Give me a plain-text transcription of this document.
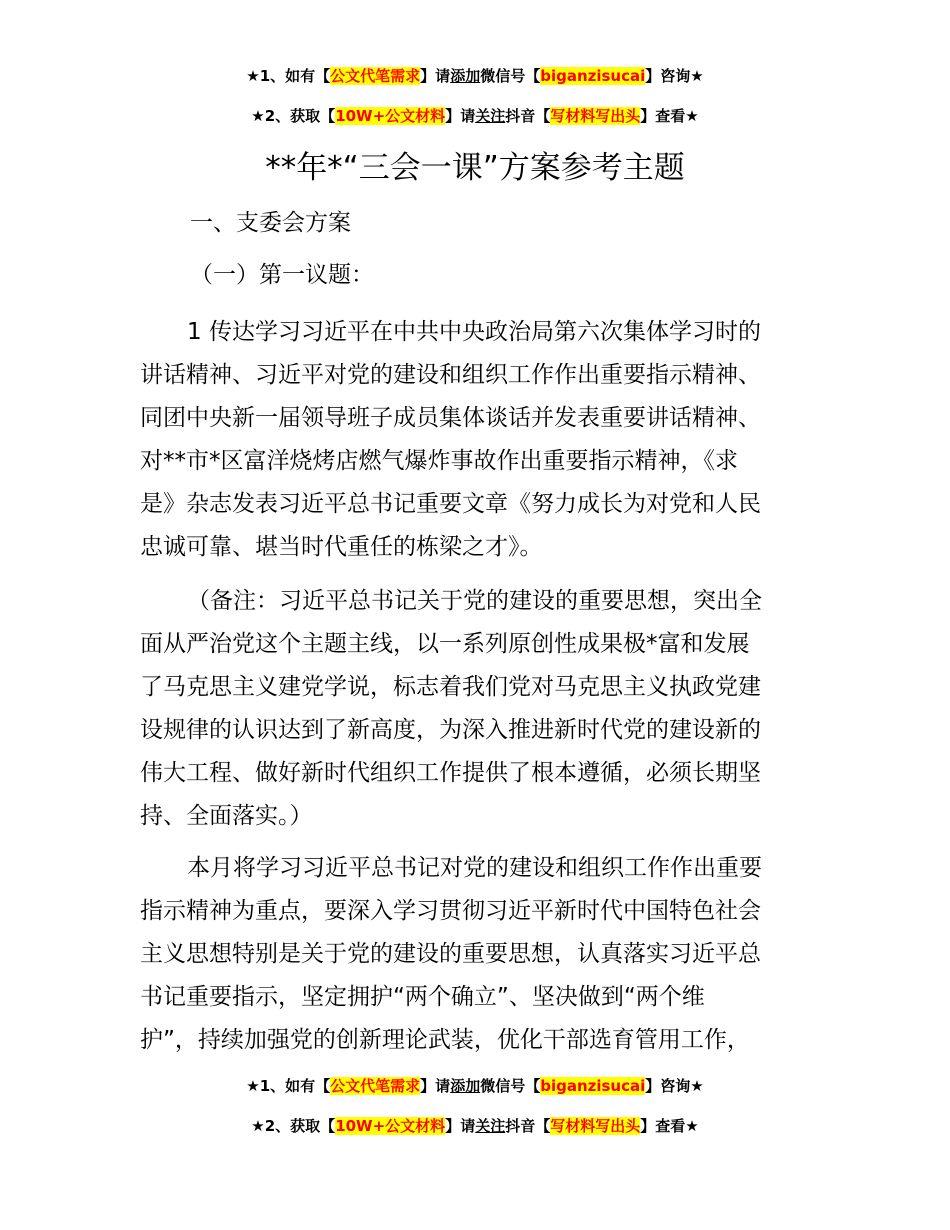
★1、如有【公文代笔需求】请添加微信号【biganzisucai】咨询★
★2、获取【10W+公文材料】请关注抖音【写材料写出头】查看★
**年*“三会一课”方案参考主题
一、支委会方案
（一）第一议题：
1 传达学习习近平在中共中央政治局第六次集体学习时的
讲话精神、习近平对党的建设和组织工作作出重要指示精神、
同团中央新一届领导班子成员集体谈话并发表重要讲话精神、
对**市*区富洋烧烤店燃气爆炸事故作出重要指示精神，《求
是》杂志发表习近平总书记重要文章《努力成长为对党和人民
忠诚可靠、堪当时代重任的栋梁之才》。
（备注：习近平总书记关于党的建设的重要思想，突出全
面从严治党这个主题主线，以一系列原创性成果极*富和发展
了马克思主义建党学说，标志着我们党对马克思主义执政党建
设规律的认识达到了新高度，为深入推进新时代党的建设新的
伟大工程、做好新时代组织工作提供了根本遵循，必须长期坚
持、全面落实。）
本月将学习习近平总书记对党的建设和组织工作作出重要
指示精神为重点，要深入学习贯彻习近平新时代中国特色社会
主义思想特别是关于党的建设的重要思想，认真落实习近平总
书记重要指示，坚定拥护“两个确立”、坚决做到“两个维
护”，持续加强党的创新理论武装，优化干部选育管用工作，
★1、如有【公文代笔需求】请添加微信号【biganzisucai】咨询★
★2、获取【10W+公文材料】请关注抖音【写材料写出头】查看★
